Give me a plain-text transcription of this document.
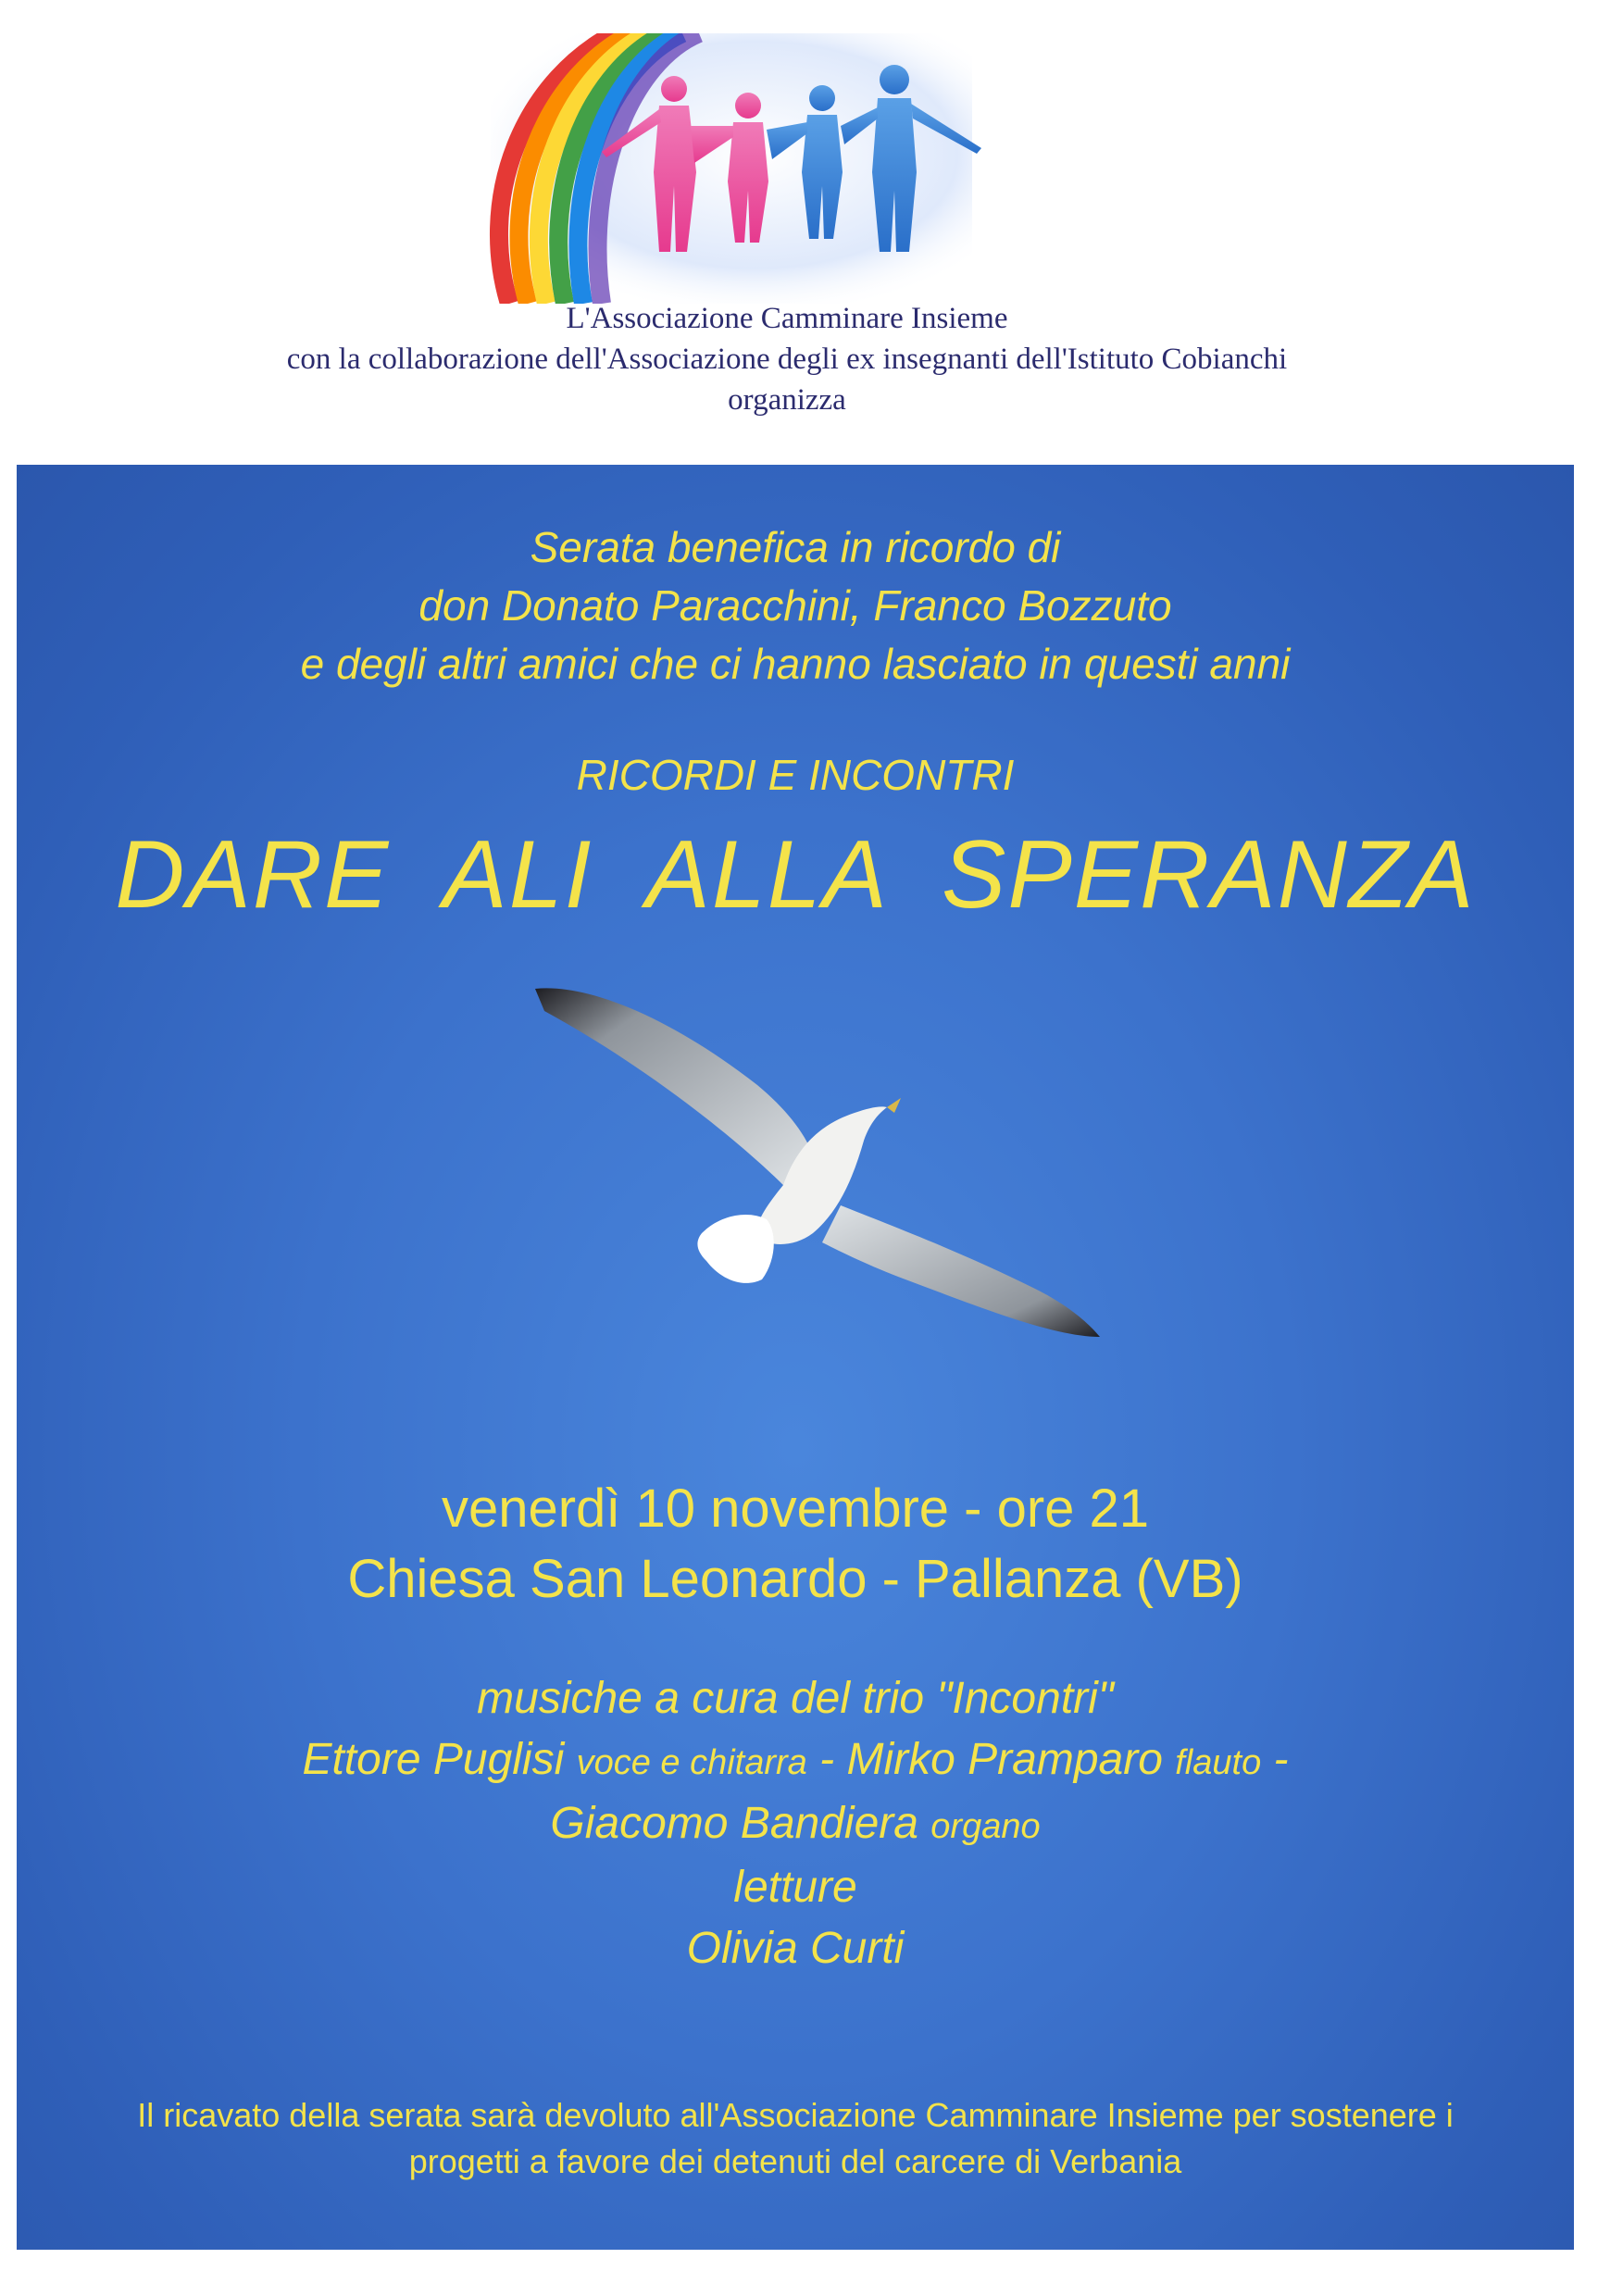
L'Associazione Camminare Insieme
con la collaborazione dell'Associazione degli ex insegnanti dell'Istituto Cobianchi
organizza
Serata benefica in ricordo di
don Donato Paracchini, Franco Bozzuto
e degli altri amici che ci hanno lasciato in questi anni
RICORDI E INCONTRI
DARE ALI ALLA SPERANZA
venerdì 10 novembre - ore 21
Chiesa San Leonardo - Pallanza (VB)
musiche a cura del trio "Incontri"
Ettore Puglisi voce e chitarra - Mirko Pramparo flauto -
Giacomo Bandiera organo
letture
Olivia Curti
Il ricavato della serata sarà devoluto all'Associazione Camminare Insieme per sostenere i
progetti a favore dei detenuti del carcere di Verbania
